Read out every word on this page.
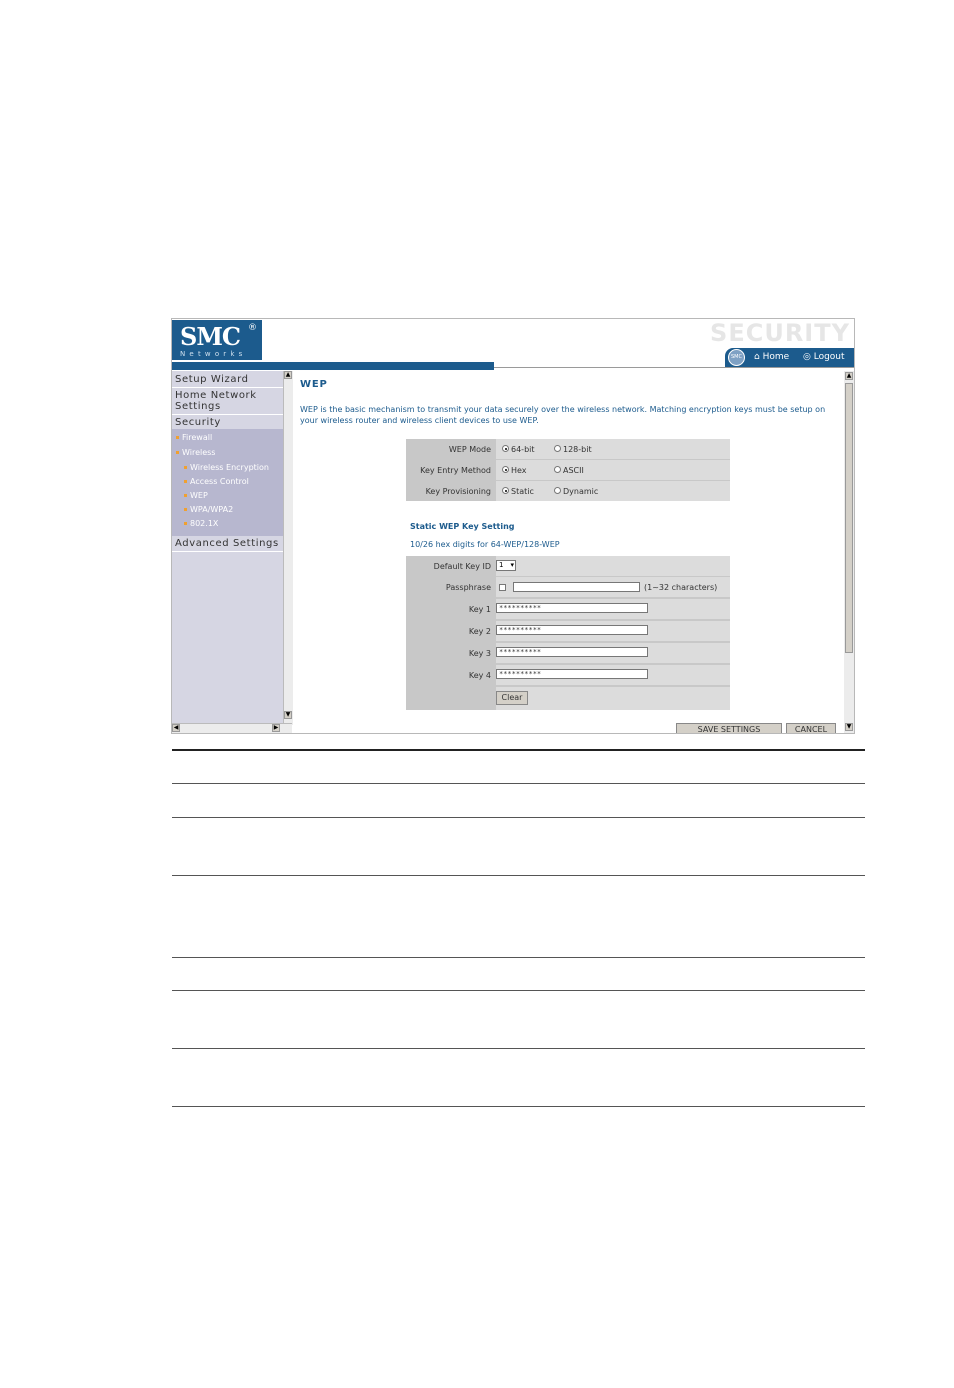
SMC ®
Networks
SECURITY
SMC	⌂ Home ◎ Logout
Setup Wizard
Home Network
Settings
Security
Firewall
Wireless
Wireless Encryption
Access Control
WEP
WPA/WPA2
802.1X
Advanced Settings
▲
▼
◀	▶
WEP
WEP is the basic mechanism to transmit your data securely over the wireless network. Matching encryption keys must be setup on your wireless router and wireless client devices to use WEP.
WEP Mode	64-bit	128-bit
Key Entry Method	Hex	ASCII
Key Provisioning	Static	Dynamic
Static WEP Key Setting
10/26 hex digits for 64-WEP/128-WEP
Default Key ID	1 ▾
Passphrase	(1~32 characters)
Key 1	**********
Key 2	**********
Key 3	**********
Key 4	**********
Clear
SAVE SETTINGS	CANCEL
▲
▼
